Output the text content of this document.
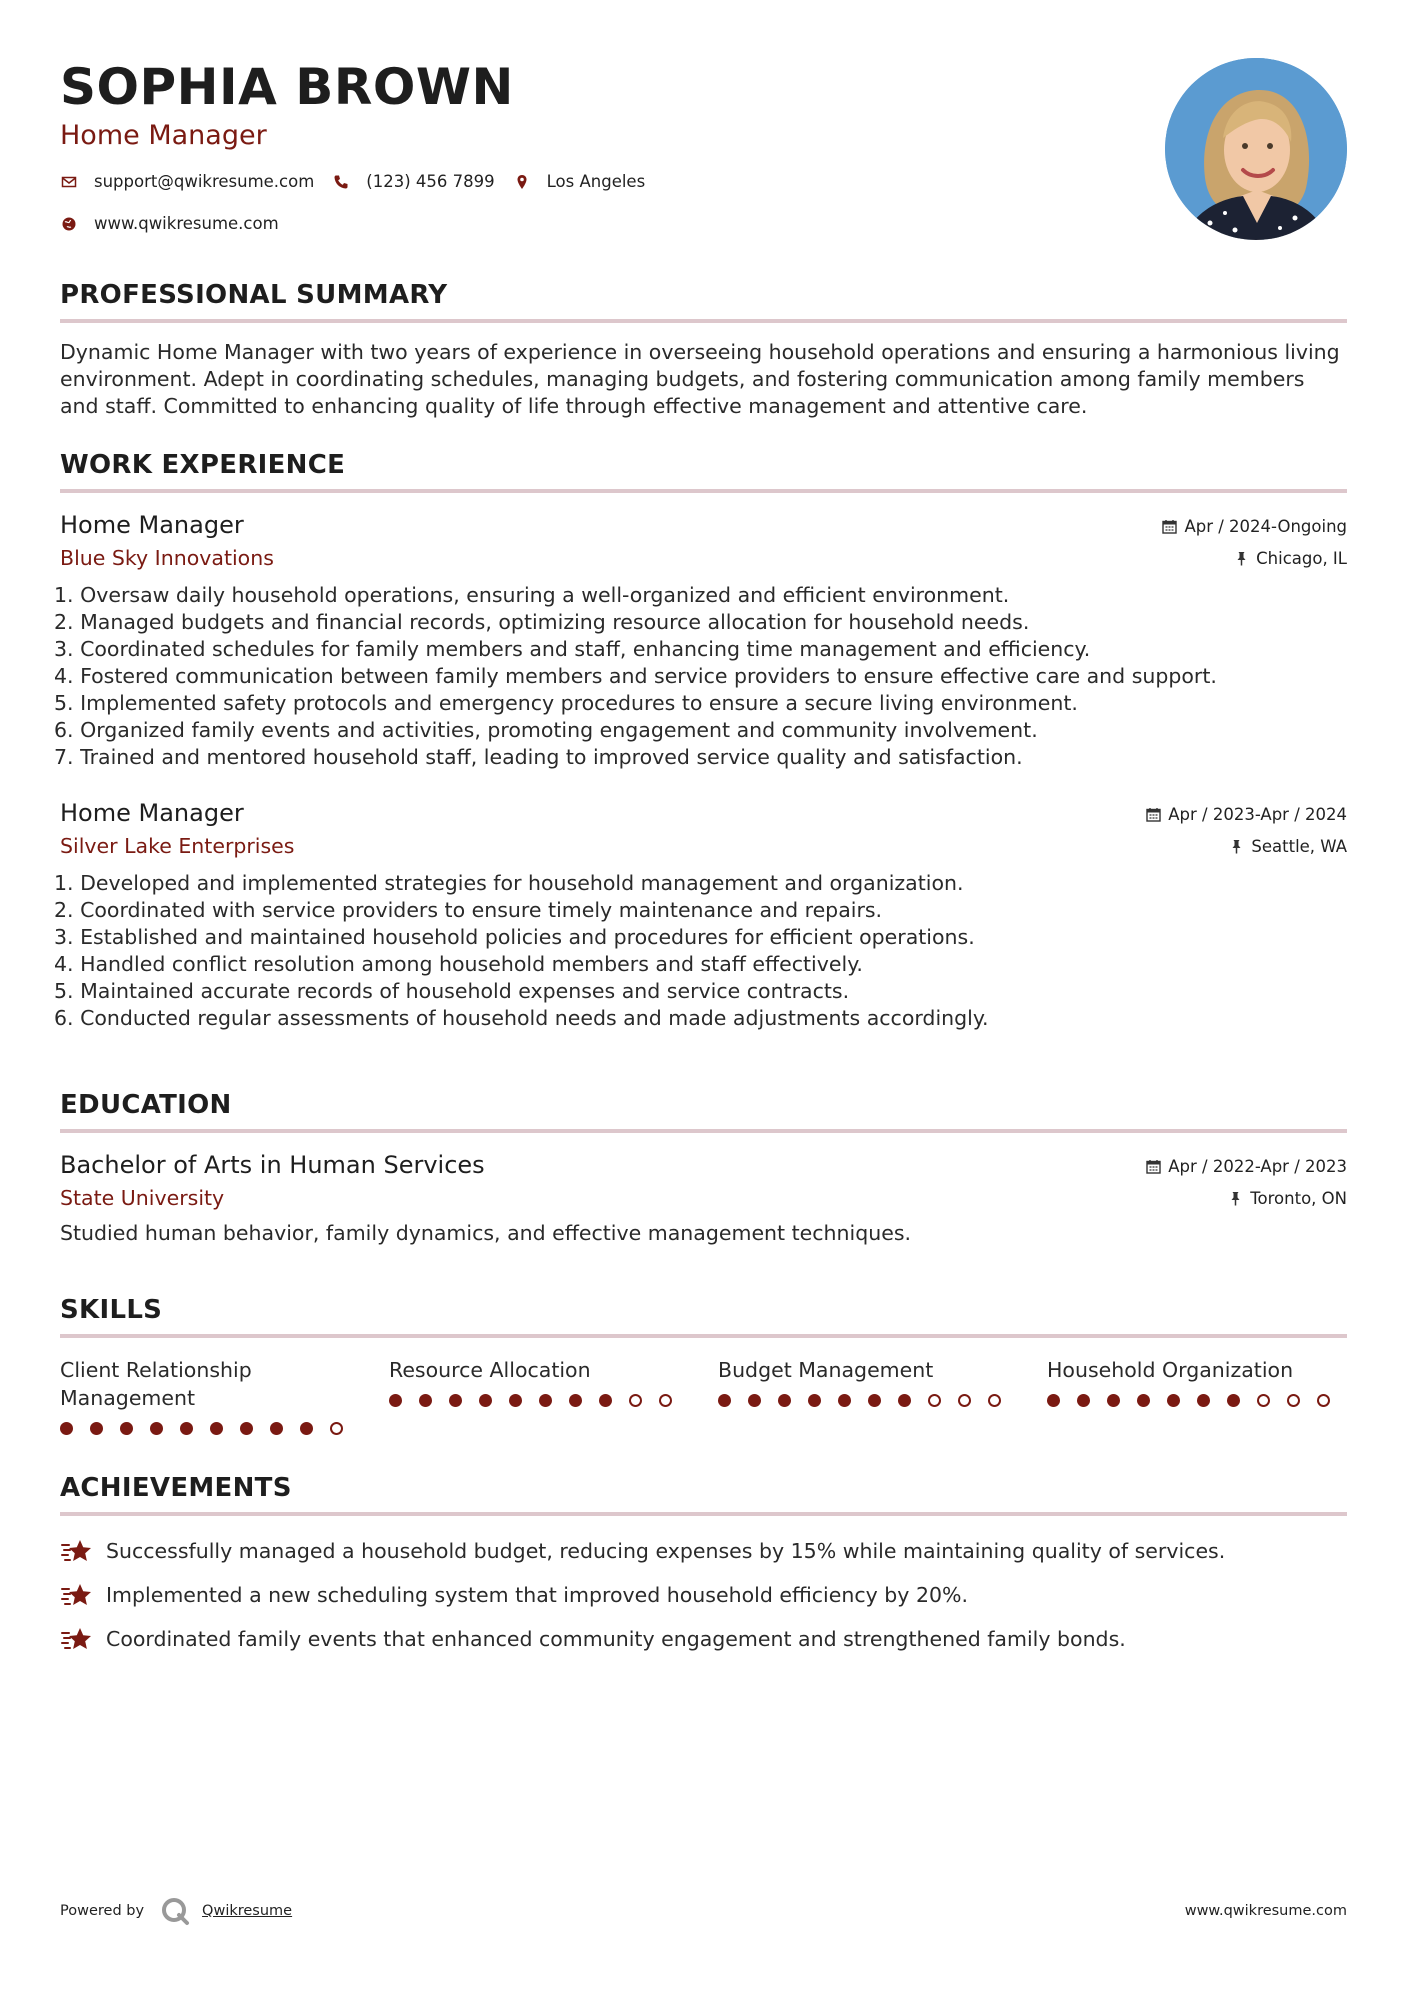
SOPHIA BROWN
Home Manager
support@qwikresume.com	(123) 456 7899	Los Angeles
www.qwikresume.com
PROFESSIONAL SUMMARY
Dynamic Home Manager with two years of experience in overseeing household operations and ensuring a harmonious living environment. Adept in coordinating schedules, managing budgets, and fostering communication among family members and staff. Committed to enhancing quality of life through effective management and attentive care.
WORK EXPERIENCE
Home Manager
Blue Sky Innovations
Apr / 2024-Ongoing
Chicago, IL
1. Oversaw daily household operations, ensuring a well-organized and efficient environment.
2. Managed budgets and financial records, optimizing resource allocation for household needs.
3. Coordinated schedules for family members and staff, enhancing time management and efficiency.
4. Fostered communication between family members and service providers to ensure effective care and support.
5. Implemented safety protocols and emergency procedures to ensure a secure living environment.
6. Organized family events and activities, promoting engagement and community involvement.
7. Trained and mentored household staff, leading to improved service quality and satisfaction.
Home Manager
Silver Lake Enterprises
Apr / 2023-Apr / 2024
Seattle, WA
1. Developed and implemented strategies for household management and organization.
2. Coordinated with service providers to ensure timely maintenance and repairs.
3. Established and maintained household policies and procedures for efficient operations.
4. Handled conflict resolution among household members and staff effectively.
5. Maintained accurate records of household expenses and service contracts.
6. Conducted regular assessments of household needs and made adjustments accordingly.
EDUCATION
Bachelor of Arts in Human Services
State University
Apr / 2022-Apr / 2023
Toronto, ON
Studied human behavior, family dynamics, and effective management techniques.
SKILLS
Client Relationship Management
Resource Allocation	Budget Management	Household Organization
ACHIEVEMENTS
Successfully managed a household budget, reducing expenses by 15% while maintaining quality of services.
Implemented a new scheduling system that improved household efficiency by 20%.
Coordinated family events that enhanced community engagement and strengthened family bonds.
Powered by	Qwikresume	www.qwikresume.com
